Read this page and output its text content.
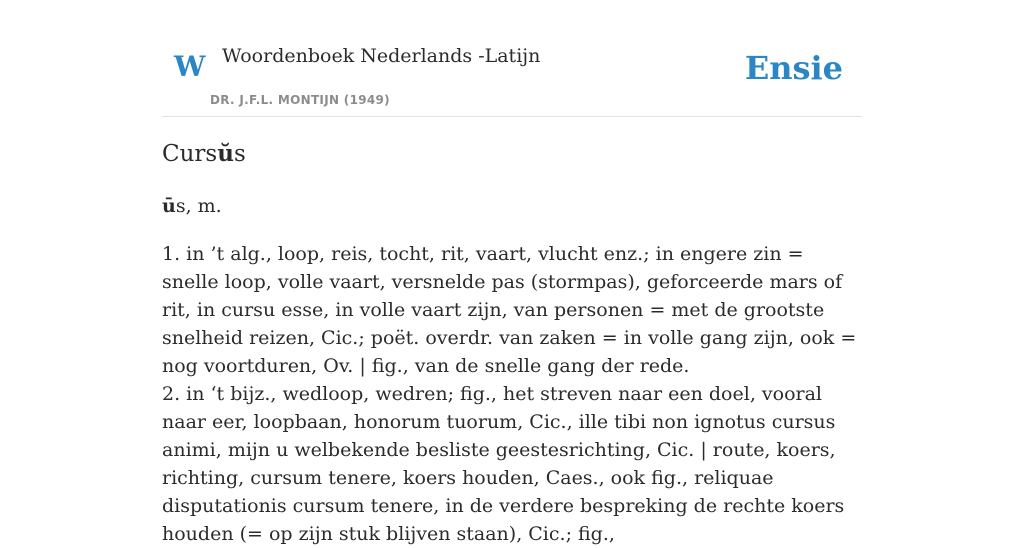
W Woordenboek Nederlands -Latijn
DR. J.F.L. MONTIJN (1949)
Ensie
Cursŭs
ūs, m.

1. in ’t alg., loop, reis, tocht, rit, vaart, vlucht enz.; in engere zin = snelle loop, volle vaart, versnelde pas (stormpas), geforceerde mars of rit, in cursu esse, in volle vaart zijn, van personen = met de grootste snelheid reizen, Cic.; poët. overdr. van zaken = in volle gang zijn, ook = nog voortduren, Ov. | fig., van de snelle gang der rede.

2. in ‘t bijz., wedloop, wedren; fig., het streven naar een doel, vooral naar eer, loopbaan, honorum tuorum, Cic., ille tibi non ignotus cursus animi, mijn u welbekende besliste geestesrichting, Cic. | route, koers, richting, cursum tenere, koers houden, Caes., ook fig., reliquae disputationis cursum tenere, in de verdere bespreking de rechte koers houden (= op zijn stuk blijven staan), Cic.; fig.,
